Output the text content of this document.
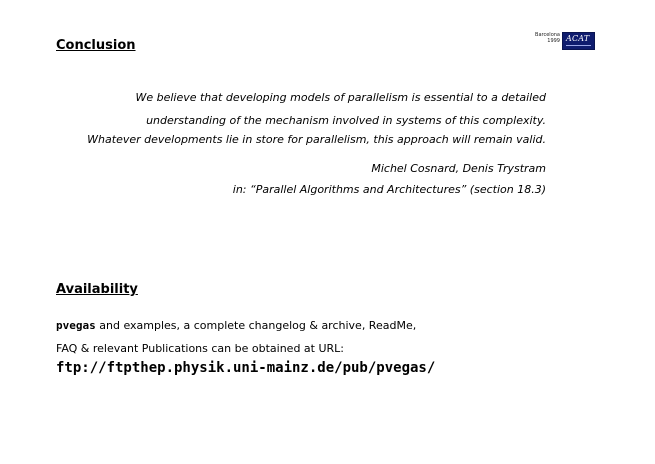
Barcelona
1999 ACAT
Conclusion
We believe that developing models of parallelism is essential to a detailed
understanding of the mechanism involved in systems of this complexity.
Whatever developments lie in store for parallelism, this approach will remain valid.
Michel Cosnard, Denis Trystram
in: “Parallel Algorithms and Architectures” (section 18.3)
Availability
pvegas and examples, a complete changelog & archive, ReadMe,
FAQ & relevant Publications can be obtained at URL:
ftp://ftpthep.physik.uni-mainz.de/pub/pvegas/
